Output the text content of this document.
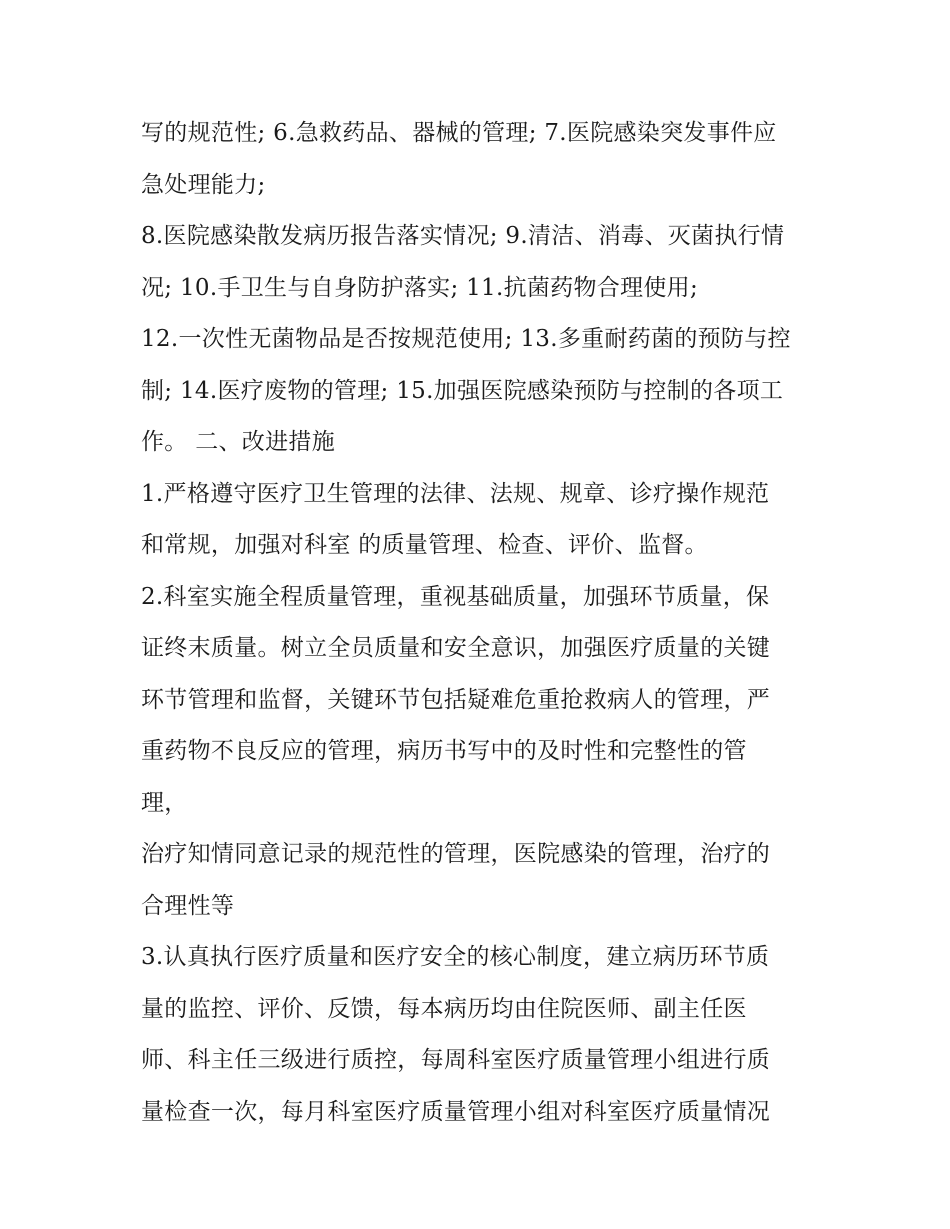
写的规范性; 6.急救药品、器械的管理; 7.医院感染突发事件应
急处理能力;
8.医院感染散发病历报告落实情况; 9.清洁、消毒、灭菌执行情
况; 10.手卫生与自身防护落实; 11.抗菌药物合理使用;
12.一次性无菌物品是否按规范使用; 13.多重耐药菌的预防与控
制; 14.医疗废物的管理; 15.加强医院感染预防与控制的各项工
作。 二、改进措施
1.严格遵守医疗卫生管理的法律、法规、规章、诊疗操作规范
和常规，加强对科室 的质量管理、检查、评价、监督。
2.科室实施全程质量管理，重视基础质量，加强环节质量，保
证终末质量。树立全员质量和安全意识，加强医疗质量的关键
环节管理和监督，关键环节包括疑难危重抢救病人的管理，严
重药物不良反应的管理，病历书写中的及时性和完整性的管
理，
治疗知情同意记录的规范性的管理，医院感染的管理，治疗的
合理性等
3.认真执行医疗质量和医疗安全的核心制度，建立病历环节质
量的监控、评价、反馈，每本病历均由住院医师、副主任医
师、科主任三级进行质控，每周科室医疗质量管理小组进行质
量检查一次，每月科室医疗质量管理小组对科室医疗质量情况
